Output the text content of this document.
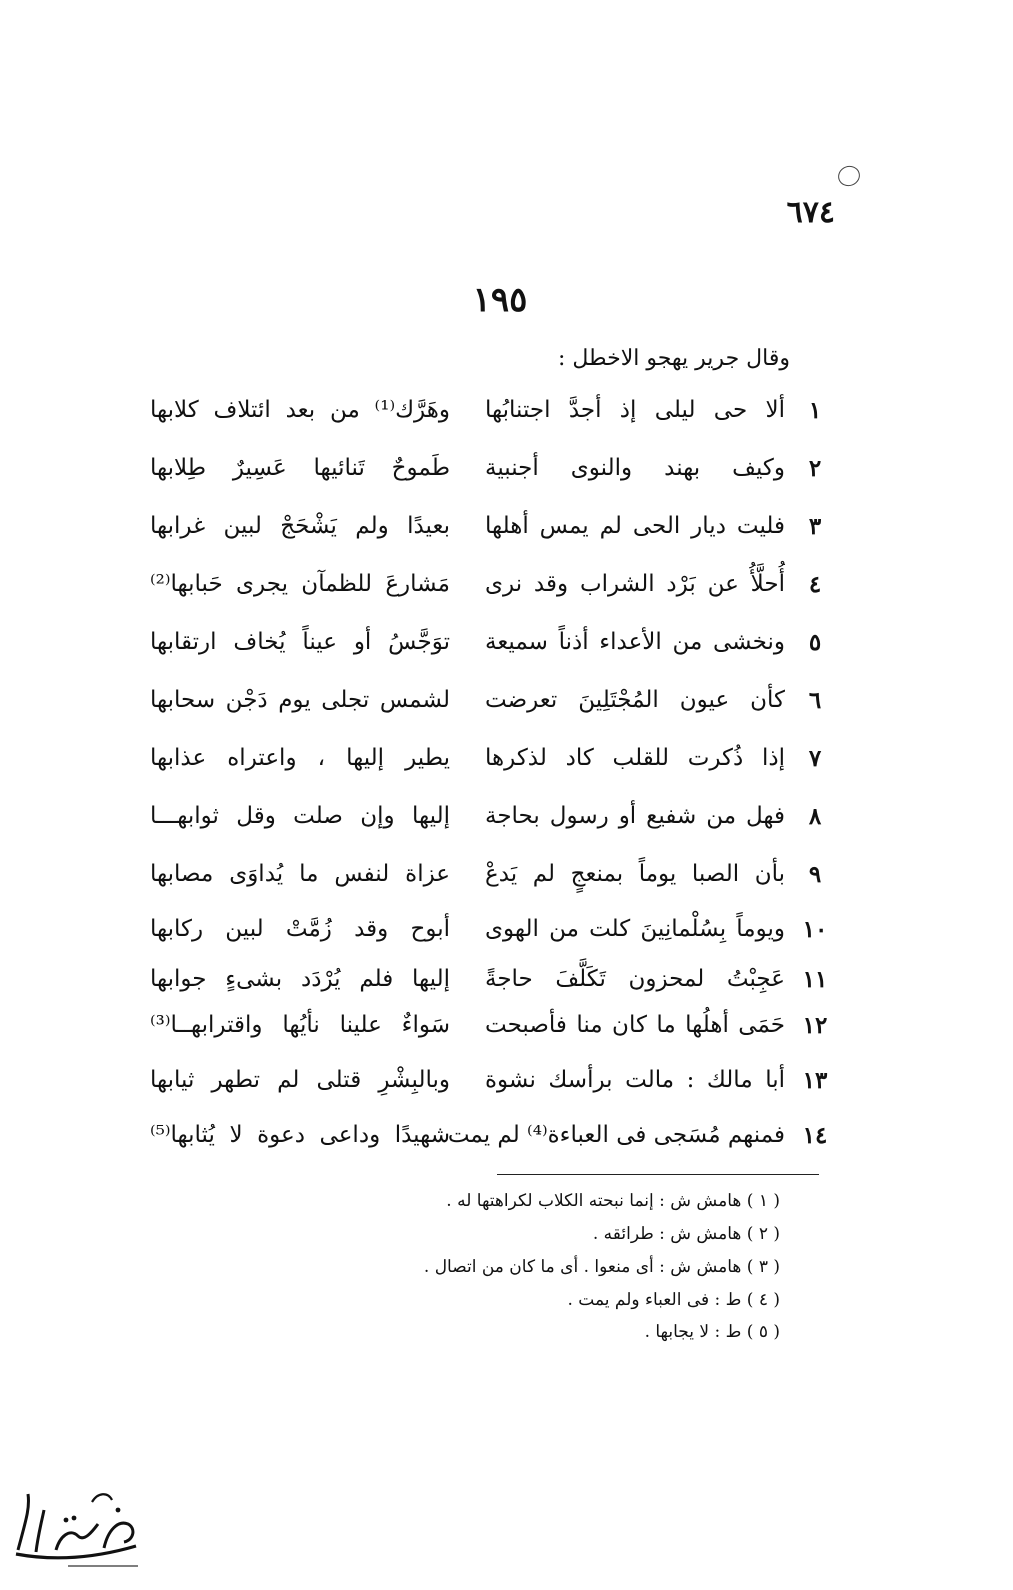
٦٧٤
١٩٥
وقال جرير يهجو الاخطل :
١
ألا حى ليلى إذ أجدَّ اجتنابُها
وهَرَّك⁽¹⁾ من بعد ائتلاف كلابها
٢
وكيف بهند والنوى أجنبية
طَموحٌ تَنائيها عَسِيرٌ طِلابها
٣
فليت ديار الحى لم يمس أهلها
بعيدًا ولم يَشْحَجْ لبين غرابها
٤
أُحلَّأُ عن بَرْد الشراب وقد نرى
مَشارعَ للظمآن يجرى حَبابها⁽²⁾
٥
ونخشى من الأعداء أذناً سميعة
توَجَّسُ أو عيناً يُخاف ارتقابها
٦
كأن عيون المُجْتَلِينَ تعرضت
لشمس تجلى يوم دَجْن سحابها
٧
إذا ذُكرت للقلب كاد لذكرها
يطير إليها ، واعتراه عذابها
٨
فهل من شفيع أو رسول بحاجة
إليها وإن صلت وقل ثوابهـــا
٩
بأن الصبا يوماً بمنعجٍ لم يَدعْ
عزاة لنفس ما يُداوَى مصابها
١٠
ويوماً بِسُلْمانِينَ كلت من الهوى
أبوح وقد زُمَّتْ لبين ركابها
١١
عَجِبْتُ لمحزون تَكَلَّفَ حاجةً
إليها فلم يُرْدَد بشىءٍ جوابها
١٢
حَمَى أهلُها ما كان منا فأصبحت
سَواءٌ علينا نأيُها واقترابهــا⁽³⁾
١٣
أبا مالك : مالت برأسك نشوة
وبالبِشْرِ قتلى لم تطهر ثيابها
١٤
فمنهم مُسَجى فى العباءة⁽⁴⁾ لم يمت
شهيدًا وداعى دعوة لا يُثابها⁽⁵⁾
( ١ ) هامش ش : إنما نبحته الكلاب لكراهتها له .
( ٢ ) هامش ش : طرائقه .
( ٣ ) هامش ش : أى منعوا . أى ما كان من اتصال .
( ٤ ) ط : فى العباء ولم يمت .
( ٥ ) ط : لا يجابها .
